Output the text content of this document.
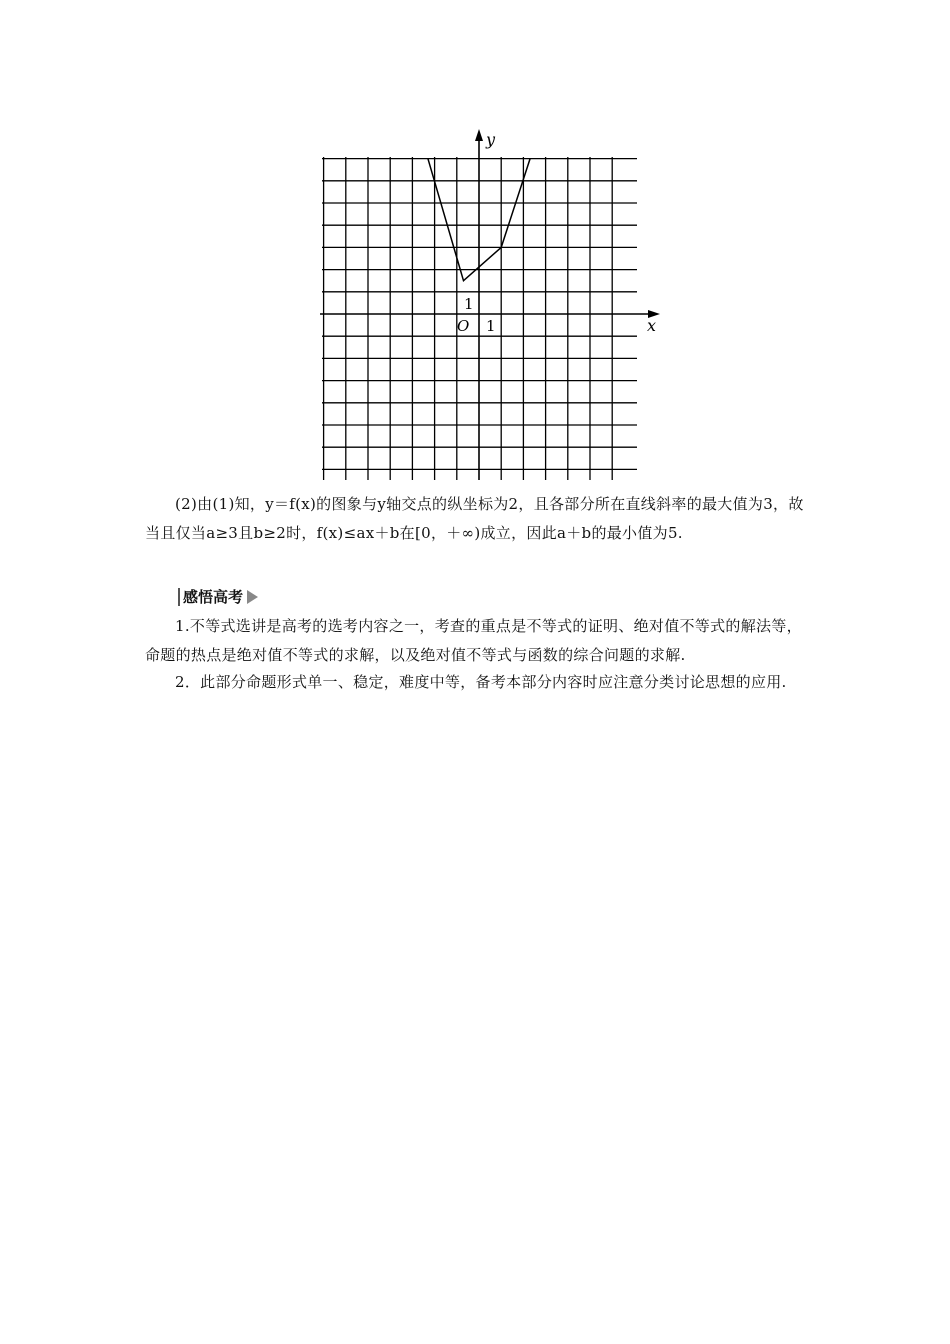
y
x
O 1
1
(2)由(1)知，y＝f(x)的图象与y轴交点的纵坐标为2，且各部分所在直线斜率的最大值为3，故当且仅当a≥3且b≥2时，f(x)≤ax＋b在[0，＋∞)成立，因此a＋b的最小值为5.
感悟高考
1.不等式选讲是高考的选考内容之一，考查的重点是不等式的证明、绝对值不等式的解法等，命题的热点是绝对值不等式的求解，以及绝对值不等式与函数的综合问题的求解.
2．此部分命题形式单一、稳定，难度中等，备考本部分内容时应注意分类讨论思想的应用.
